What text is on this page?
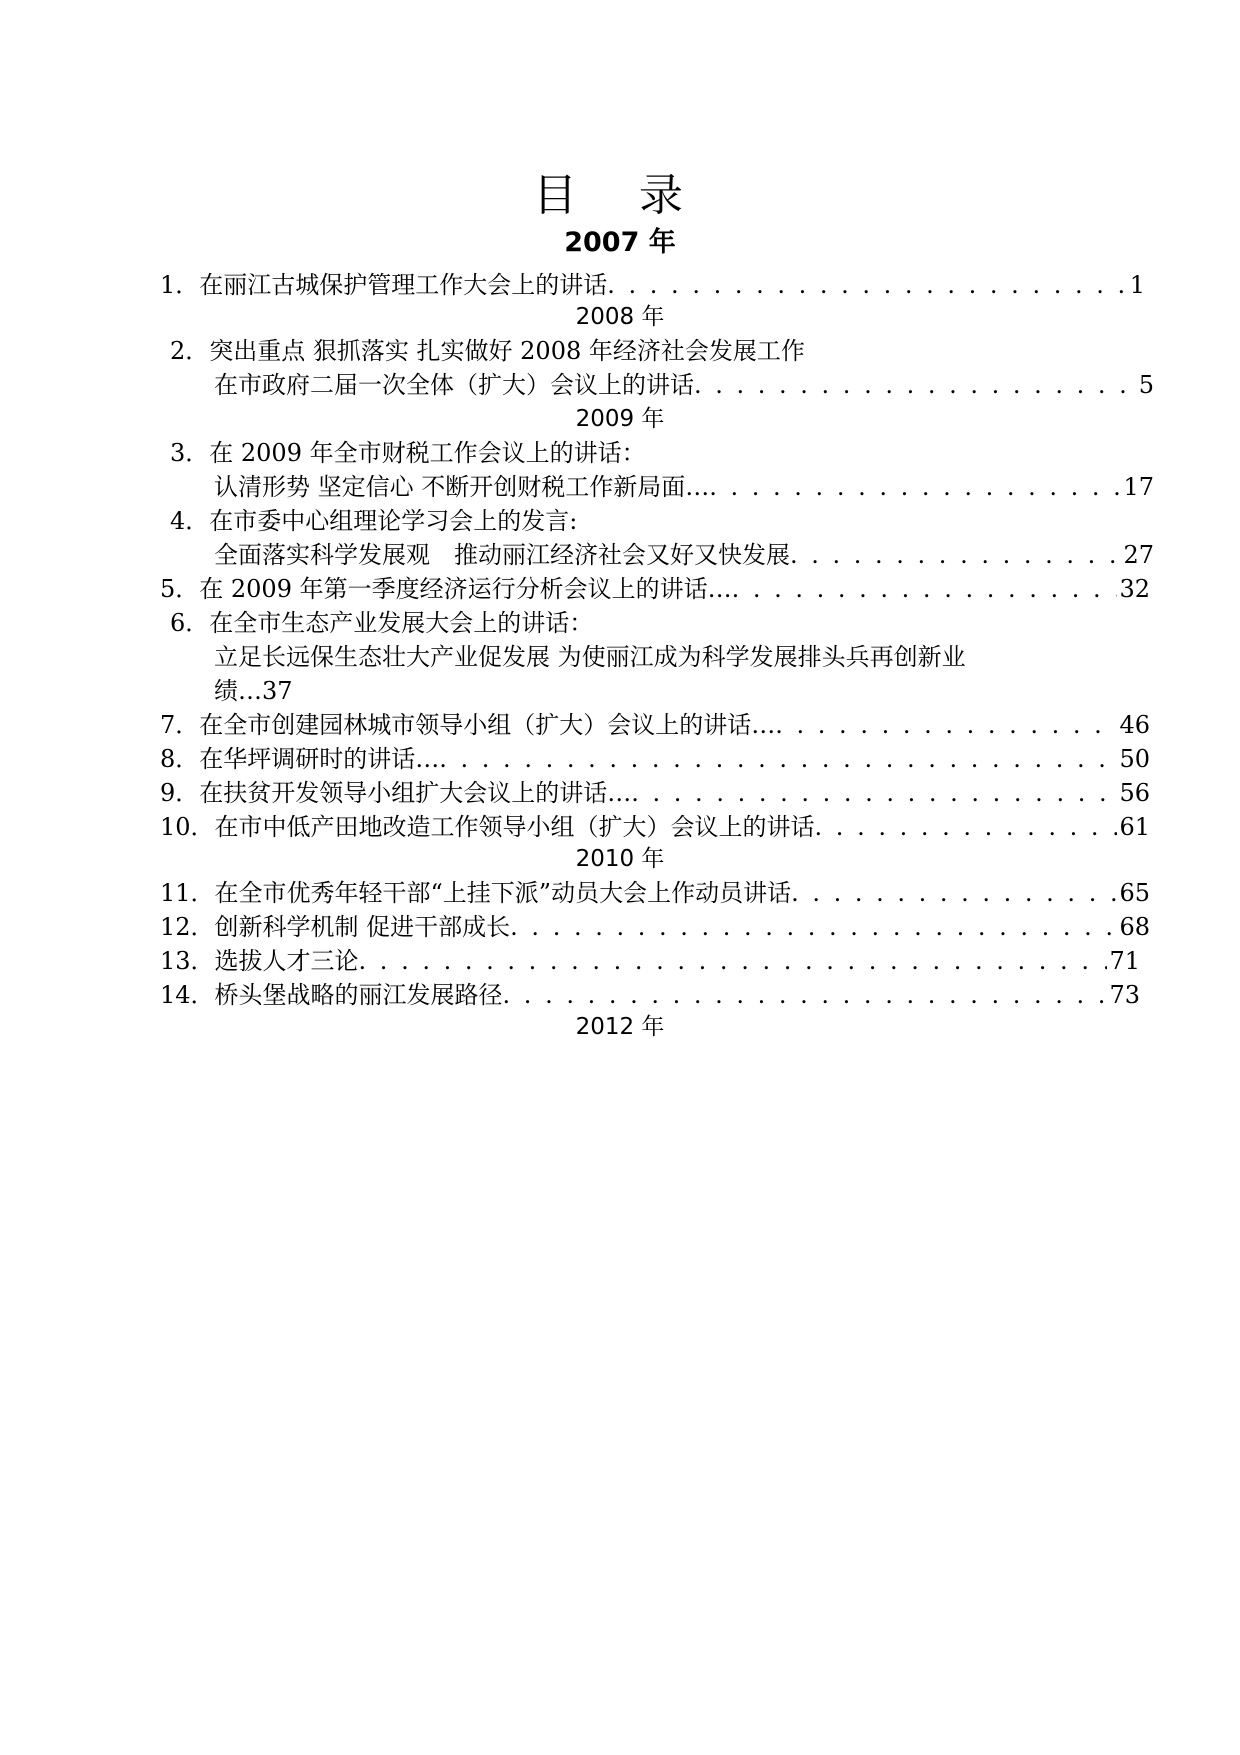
目 录
2007 年
1．在丽江古城保护管理工作大会上的讲话 . . .	1
2008 年
2．突出重点 狠抓落实 扎实做好 2008 年经济社会发展工作
在市政府二届一次全体（扩大）会议上的讲话 . . .	5
2009 年
3．在 2009 年全市财税工作会议上的讲话：
认清形势 坚定信心 不断开创财税工作新局面… . . .	17
4．在市委中心组理论学习会上的发言:
全面落实科学发展观　推动丽江经济社会又好又快发展 . . .	27
5．在 2009 年第一季度经济运行分析会议上的讲话… . . .	32
6．在全市生态产业发展大会上的讲话：
立足长远保生态壮大产业促发展 为使丽江成为科学发展排头兵再创新业
绩…37
7．在全市创建园林城市领导小组（扩大）会议上的讲话… . . .	46
8．在华坪调研时的讲话… . . .	50
9．在扶贫开发领导小组扩大会议上的讲话… . . .	56
10．在市中低产田地改造工作领导小组（扩大）会议上的讲话 . . .	61
2010 年
11．在全市优秀年轻干部“上挂下派”动员大会上作动员讲话 . . .	65
12．创新科学机制 促进干部成长 . . .	68
13．选拔人才三论 . . .	71
14．桥头堡战略的丽江发展路径 . . .	73
2012 年
